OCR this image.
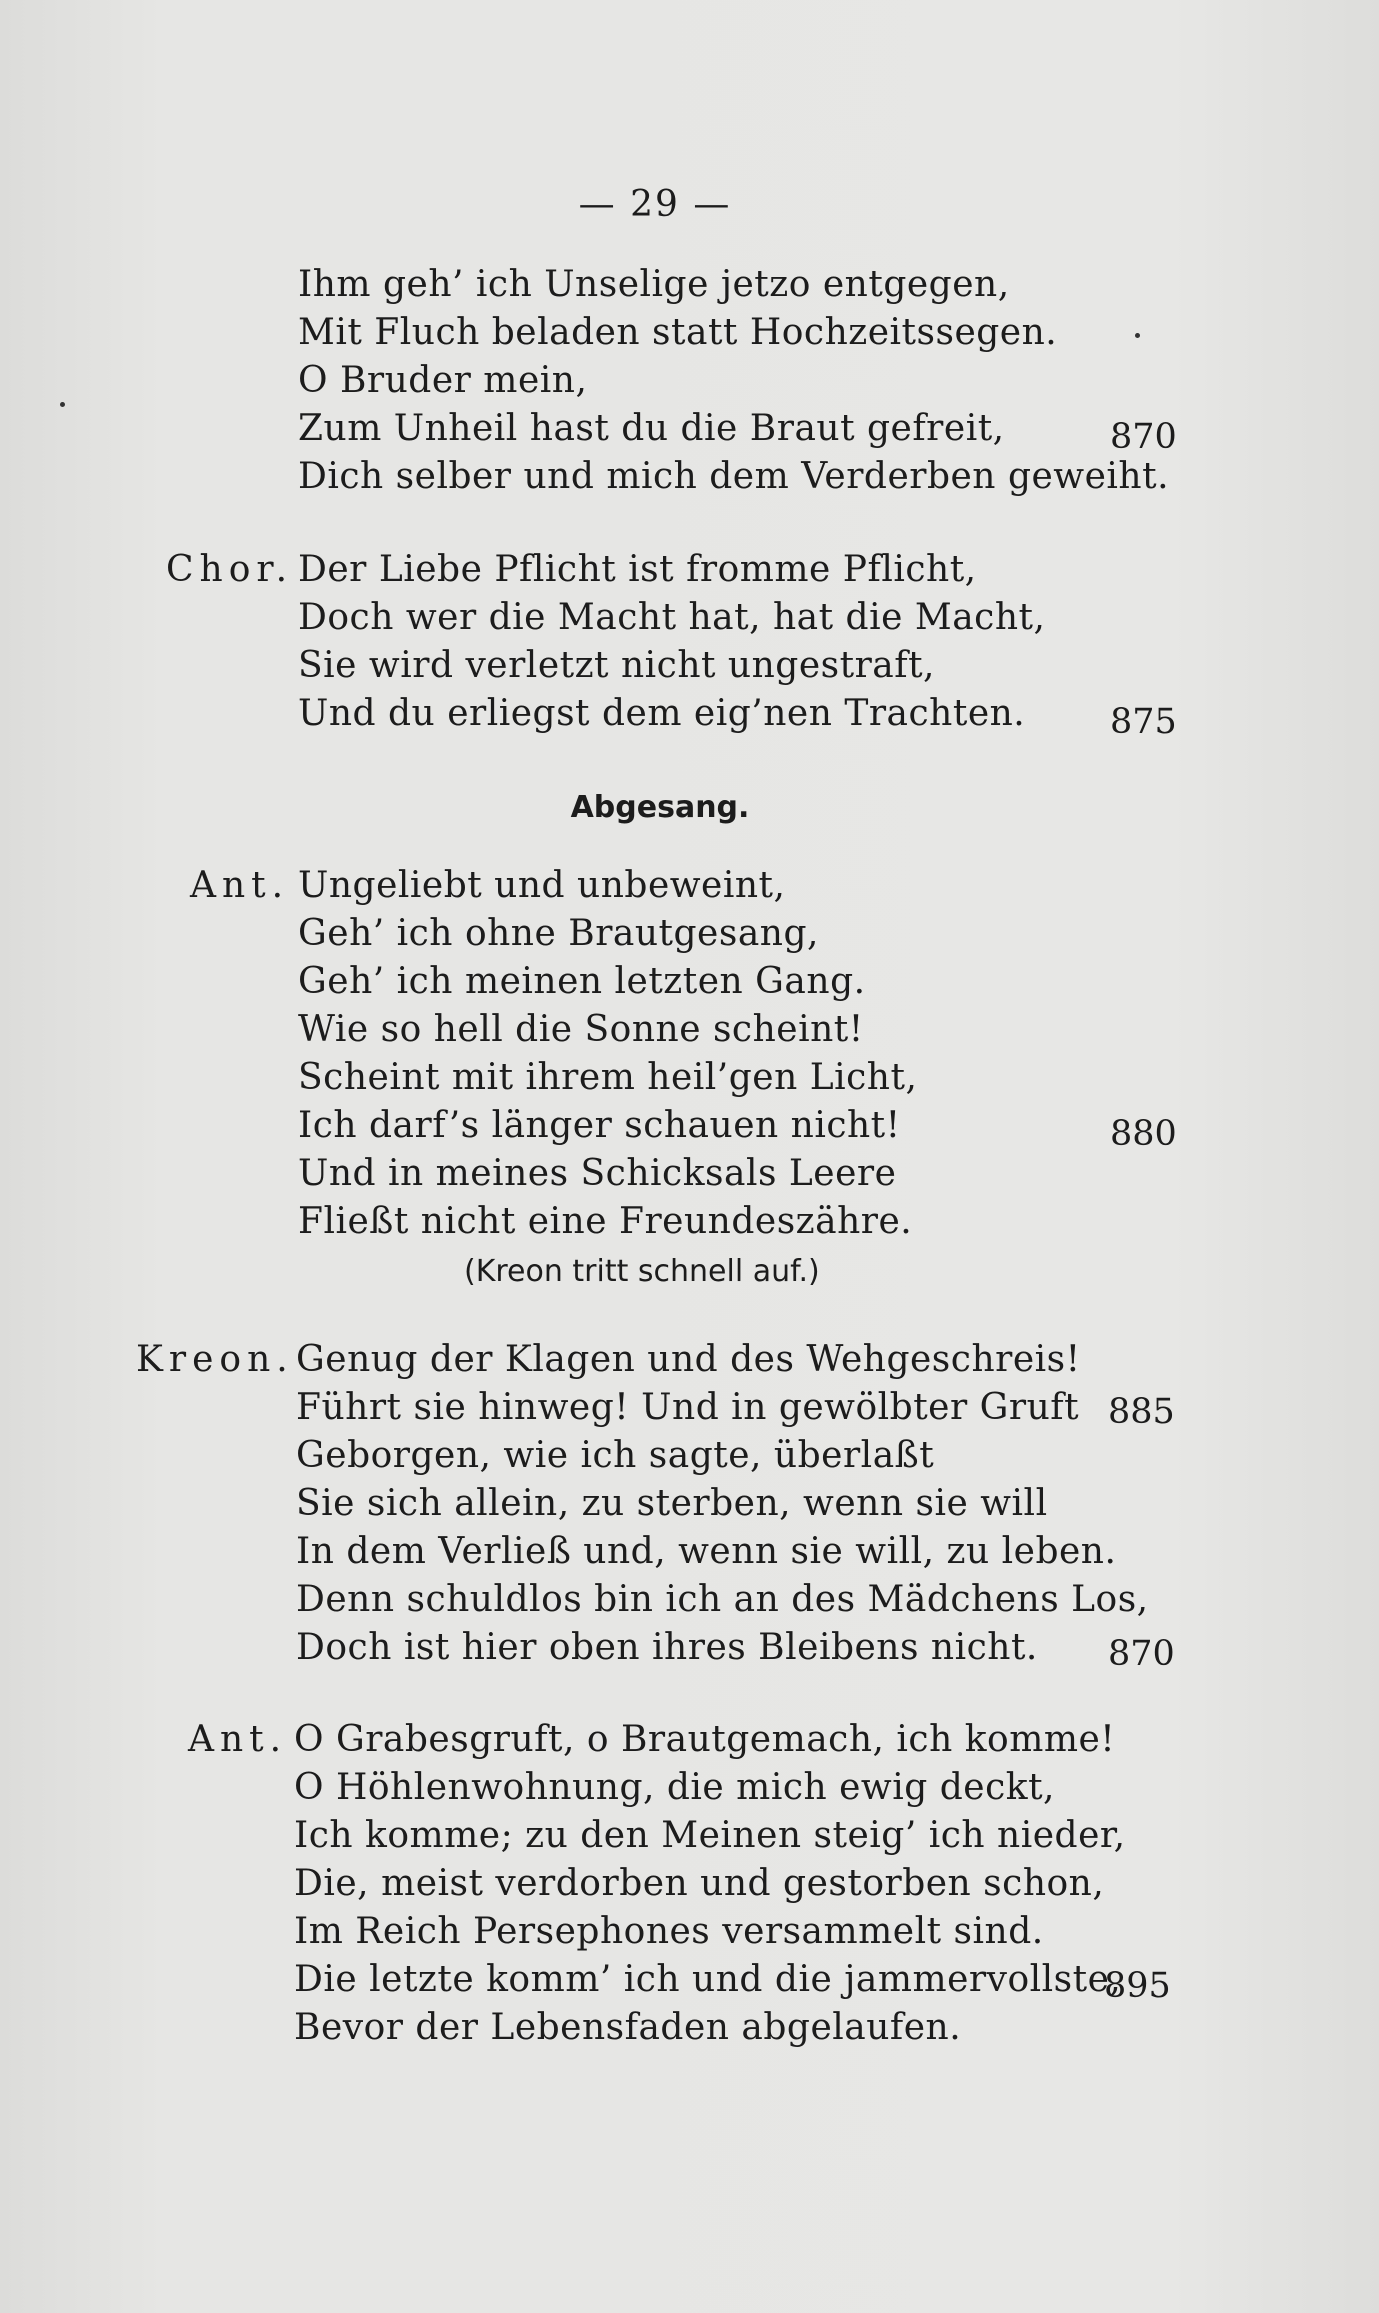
— 29 —
Ihm geh’ ich Unselige jetzo entgegen,
Mit Fluch beladen statt Hochzeitssegen.
O Bruder mein,
Zum Unheil hast du die Braut gefreit,	870
Dich selber und mich dem Verderben geweiht.
Chor. Der Liebe Pflicht ist fromme Pflicht,
Doch wer die Macht hat, hat die Macht,
Sie wird verletzt nicht ungestraft,
Und du erliegst dem eig’nen Trachten. 875
Abgesang.
Ant. Ungeliebt und unbeweint,
Geh’ ich ohne Brautgesang,
Geh’ ich meinen letzten Gang.
Wie so hell die Sonne scheint!
Scheint mit ihrem heil’gen Licht,
Ich darf’s länger schauen nicht!	880
Und in meines Schicksals Leere
Fließt nicht eine Freundeszähre.
(Kreon tritt schnell auf.)
Kreon. Genug der Klagen und des Wehgeschreis!
Führt sie hinweg! Und in gewölbter Gruft 885
Geborgen, wie ich sagte, überlaßt
Sie sich allein, zu sterben, wenn sie will
In dem Verließ und, wenn sie will, zu leben.
Denn schuldlos bin ich an des Mädchens Los,
Doch ist hier oben ihres Bleibens nicht. 870
Ant. O Grabesgruft, o Brautgemach, ich komme!
O Höhlenwohnung, die mich ewig deckt,
Ich komme; zu den Meinen steig’ ich nieder,
Die, meist verdorben und gestorben schon,
Im Reich Persephones versammelt sind.
Die letzte komm’ ich und die jammervollste,
895
Bevor der Lebensfaden abgelaufen.
